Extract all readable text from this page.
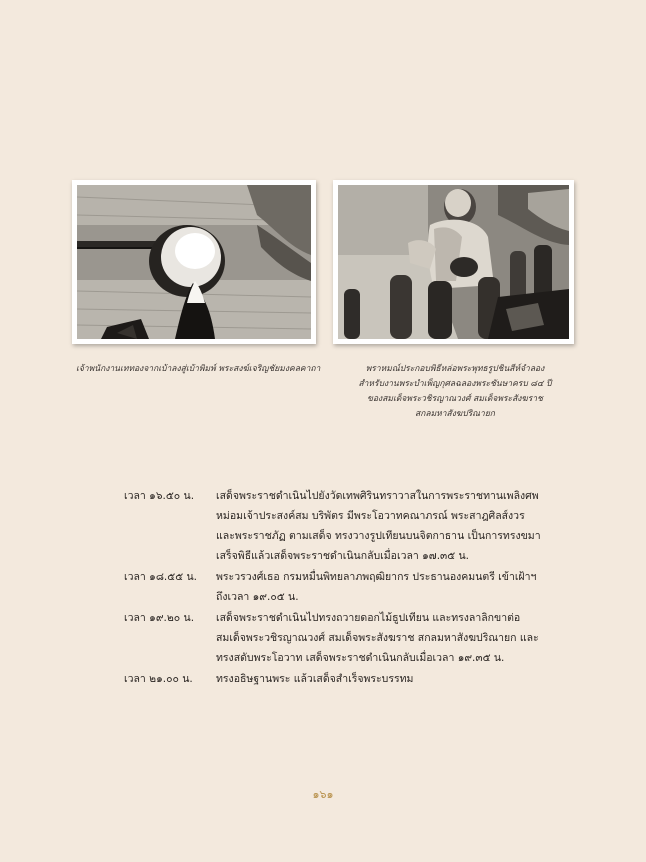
เจ้าพนักงานเททองจากเบ้าลงสู่เบ้าพิมพ์ พระสงฆ์เจริญชัยมงคลคาถา	พราหมณ์ประกอบพิธีหล่อพระพุทธรูปชินสีห์จำลอง
สำหรับงานพระบำเพ็ญกุศลฉลองพระชันษาครบ ๘๔ ปี
ของสมเด็จพระวชิรญาณวงศ์ สมเด็จพระสังฆราช
สกลมหาสังฆปริณายก
เวลา ๑๖.๕๐ น.	เสด็จพระราชดำเนินไปยังวัดเทพศิรินทราวาสในการพระราชทานเพลิงศพ
หม่อมเจ้าประสงค์สม บริพัตร มีพระโอวาทคณาภรณ์ พระสาฎศิลส์งวร
และพระราชภัฏ ตามเสด็จ ทรงวางรูปเทียนบนจิตกาธาน เป็นการทรงขมา
เสร็จพิธีแล้วเสด็จพระราชดำเนินกลับเมื่อเวลา ๑๗.๓๕ น.
เวลา ๑๘.๕๕ น.	พระวรวงศ์เธอ กรมหมื่นพิทยลาภพฤฒิยากร ประธานองคมนตรี เข้าเฝ้าฯ
ถึงเวลา ๑๙.๐๕ น.
เวลา ๑๙.๒๐ น.	เสด็จพระราชดำเนินไปทรงถวายดอกไม้ธูปเทียน และทรงลาลิกขาต่อ
สมเด็จพระวชิรญาณวงศ์ สมเด็จพระสังฆราช สกลมหาสังฆปริณายก และ
ทรงสดับพระโอวาท เสด็จพระราชดำเนินกลับเมื่อเวลา ๑๙.๓๕ น.
เวลา ๒๑.๐๐ น.	ทรงอธิษฐานพระ แล้วเสด็จสำเร็จพระบรรทม
๑๖๑
